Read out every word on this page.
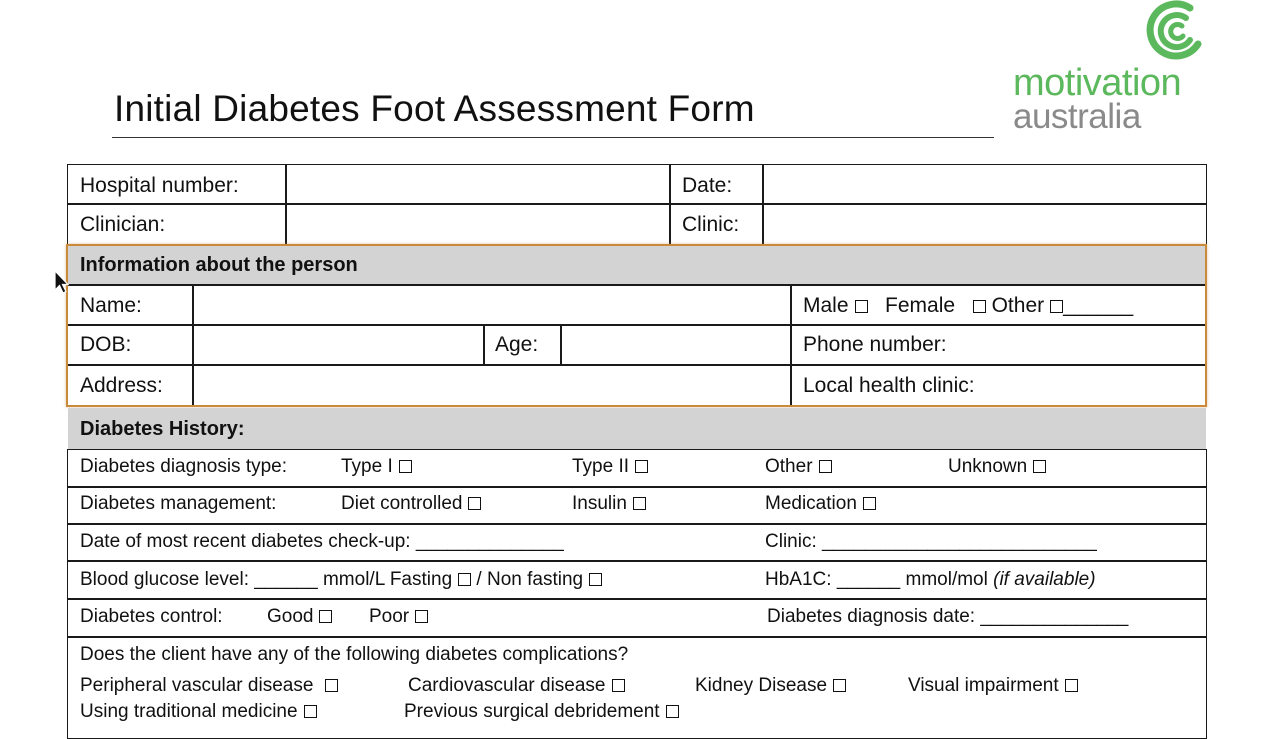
Initial Diabetes Foot Assessment Form
motivation
australia
Hospital number:	Date:
Clinician:	Clinic:
Information about the person
Name:	Male Female Other ______
DOB:	Age:	Phone number:
Address:	Local health clinic:
Diabetes History:
Diabetes diagnosis type:	Type I	Type II	Other	Unknown
Diabetes management:	Diet controlled	Insulin	Medication
Date of most recent diabetes check-up: ______________	Clinic: __________________________
Blood glucose level: ______ mmol/L Fasting / Non fasting	HbA1C: ______ mmol/mol (if available)
Diabetes control: Good	Poor	Diabetes diagnosis date: ______________
Does the client have any of the following diabetes complications?
Peripheral vascular disease	Cardiovascular disease	Kidney Disease	Visual impairment
Using traditional medicine	Previous surgical debridement
